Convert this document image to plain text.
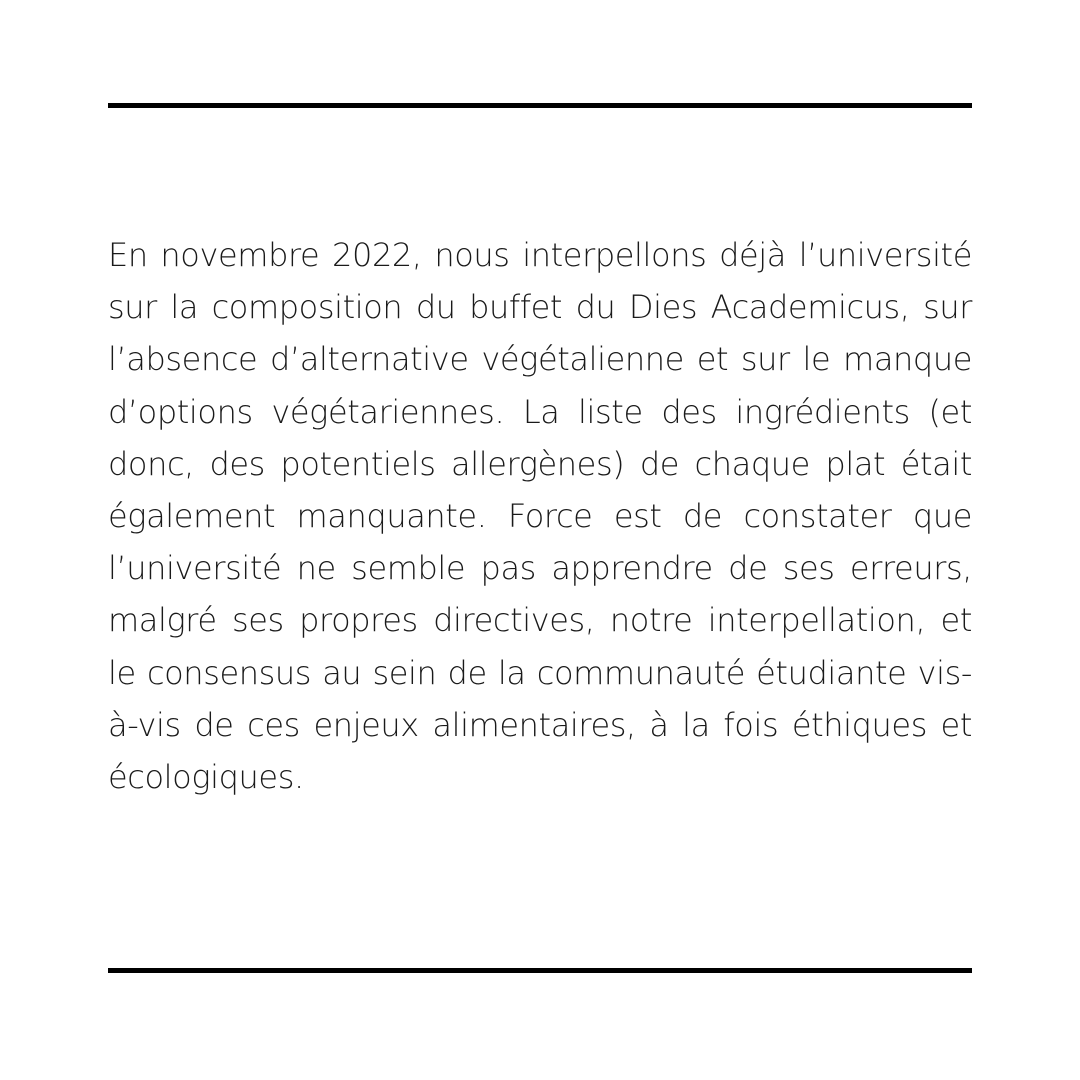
En novembre 2022, nous interpellons déjà l’université sur la composition du buffet du Dies Academicus, sur l’absence d’alternative végétalienne et sur le manque d’options végétariennes. La liste des ingrédients (et donc, des potentiels allergènes) de chaque plat était également manquante. Force est de constater que l’université ne semble pas apprendre de ses erreurs, malgré ses propres directives, notre interpellation, et le consensus au sein de la communauté étudiante vis-à-vis de ces enjeux alimentaires, à la fois éthiques et écologiques.
